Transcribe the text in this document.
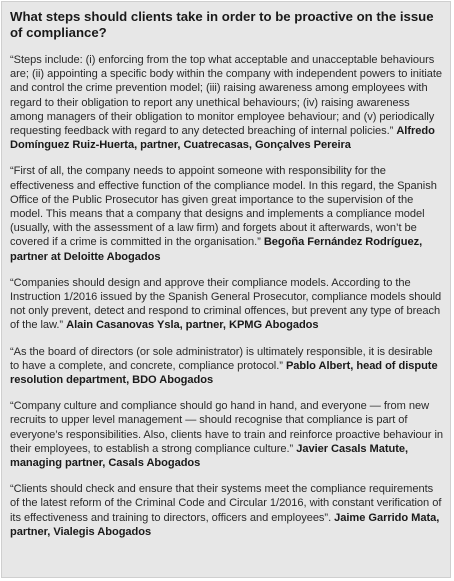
What steps should clients take in order to be proactive on the issue of compliance?

“Steps include: (i) enforcing from the top what acceptable and unacceptable behaviours are; (ii) appointing a specific body within the company with independent powers to initiate and control the crime prevention model; (iii) raising awareness among employees with regard to their obligation to report any unethical behaviours; (iv) raising awareness among managers of their obligation to monitor employee behaviour; and (v) periodically requesting feedback with regard to any detected breaching of internal policies.” Alfredo Domínguez Ruiz-Huerta, partner, Cuatrecasas, Gonçalves Pereira

“First of all, the company needs to appoint someone with responsibility for the effectiveness and effective function of the compliance model. In this regard, the Spanish Office of the Public Prosecutor has given great importance to the supervision of the model. This means that a company that designs and implements a compliance model (usually, with the assessment of a law firm) and forgets about it afterwards, won’t be covered if a crime is committed in the organisation.” Begoña Fernández Rodríguez, partner at Deloitte Abogados

“Companies should design and approve their compliance models. According to the Instruction 1/2016 issued by the Spanish General Prosecutor, compliance models should not only prevent, detect and respond to criminal offences, but prevent any type of breach of the law.” Alain Casanovas Ysla, partner, KPMG Abogados

“As the board of directors (or sole administrator) is ultimately responsible, it is desirable to have a complete, and concrete, compliance protocol.” Pablo Albert, head of dispute resolution department, BDO Abogados

“Company culture and compliance should go hand in hand, and everyone — from new recruits to upper level management — should recognise that compliance is part of everyone’s responsibilities. Also, clients have to train and reinforce proactive behaviour in their employees, to establish a strong compliance culture.” Javier Casals Matute, managing partner, Casals Abogados

“Clients should check and ensure that their systems meet the compliance requirements of the latest reform of the Criminal Code and Circular 1/2016, with constant verification of its effectiveness and training to directors, officers and employees”. Jaime Garrido Mata, partner, Vialegis Abogados
